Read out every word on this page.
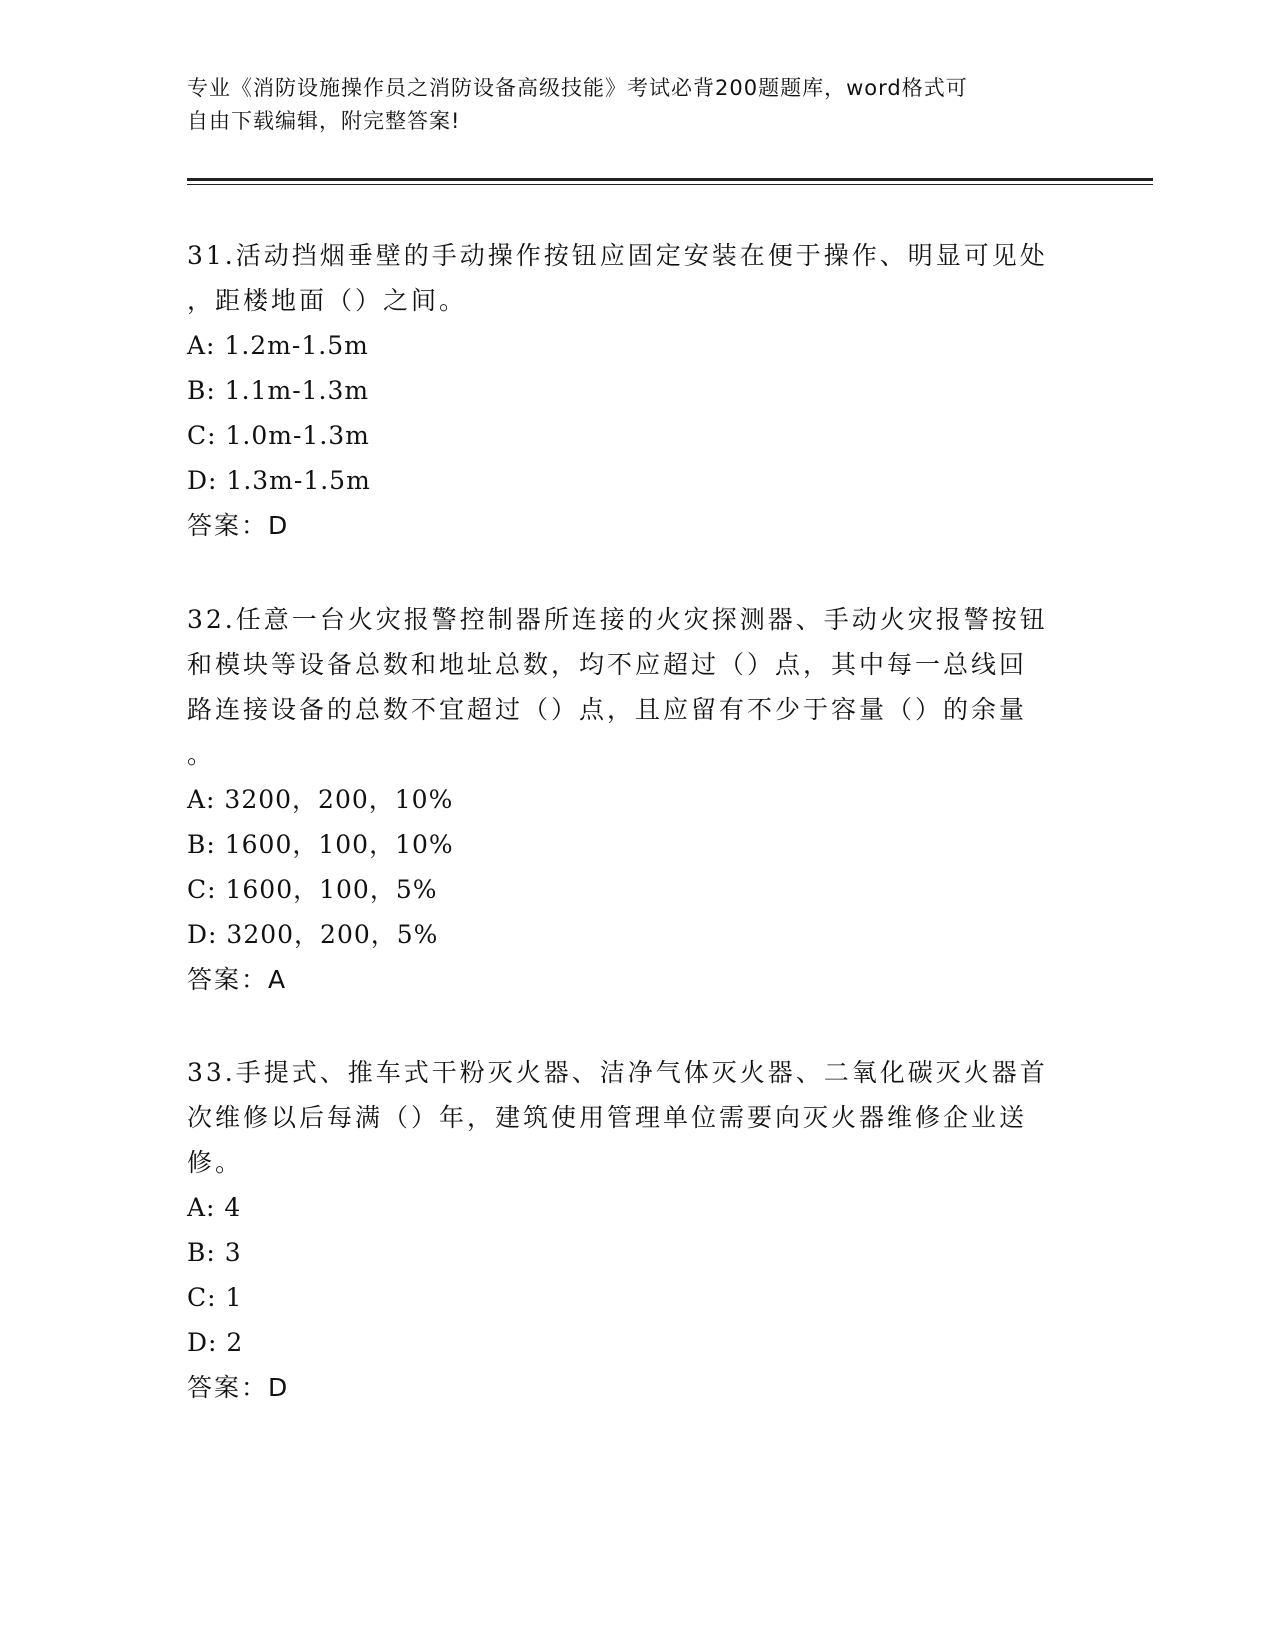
专业《消防设施操作员之消防设备高级技能》考试必背200题题库，word格式可
自由下载编辑，附完整答案!
31.活动挡烟垂壁的手动操作按钮应固定安装在便于操作、明显可见处
，距楼地面（）之间。
A: 1.2m-1.5m
B: 1.1m-1.3m
C: 1.0m-1.3m
D: 1.3m-1.5m
答案：D
32.任意一台火灾报警控制器所连接的火灾探测器、手动火灾报警按钮
和模块等设备总数和地址总数，均不应超过（）点，其中每一总线回
路连接设备的总数不宜超过（）点，且应留有不少于容量（）的余量
。
A: 3200，200，10%
B: 1600，100，10%
C: 1600，100，5%
D: 3200，200，5%
答案：A
33.手提式、推车式干粉灭火器、洁净气体灭火器、二氧化碳灭火器首
次维修以后每满（）年，建筑使用管理单位需要向灭火器维修企业送
修。
A: 4
B: 3
C: 1
D: 2
答案：D
